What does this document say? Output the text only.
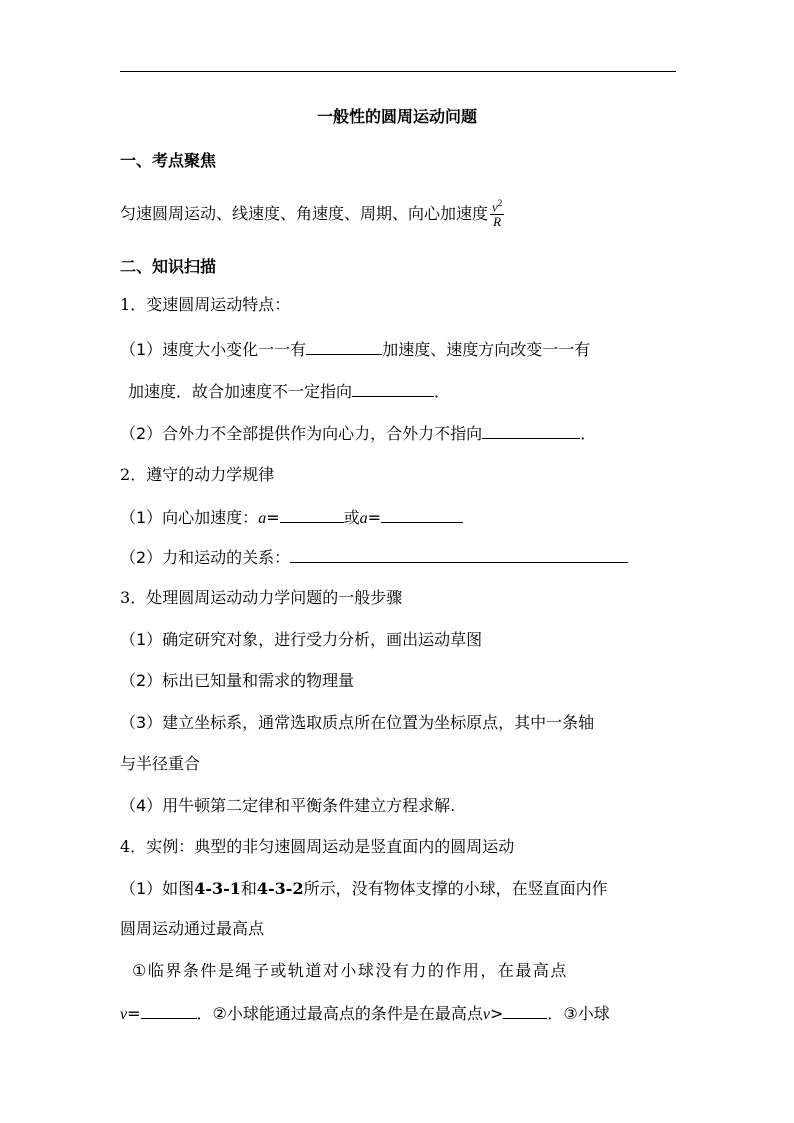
一般性的圆周运动问题
一、考点聚焦
匀速圆周运动、线速度、角速度、周期、向心加速度 $\frac{v^2}{R}$
二、知识扫描
1．变速圆周运动特点：
（1）速度大小变化一一有	加速度、速度方向改变一一有
加速度．故合加速度不一定指向	．
（2）合外力不全部提供作为向心力，合外力不指向	．
2．遵守的动力学规律
（1）向心加速度：a=	或a=
（2）力和运动的关系：
3．处理圆周运动动力学问题的一般步骤
（1）确定研究对象，进行受力分析，画出运动草图
（2）标出已知量和需求的物理量
（3）建立坐标系，通常选取质点所在位置为坐标原点，其中一条轴
与半径重合
（4）用牛顿第二定律和平衡条件建立方程求解.
4．实例：典型的非匀速圆周运动是竖直面内的圆周运动
（1）如图4-3-1和4-3-2所示，没有物体支撑的小球，在竖直面内作
圆周运动通过最高点
①临界条件是绳子或轨道对小球没有力的作用，在最高点
v=	．②小球能通过最高点的条件是在最高点v>	．③小球
